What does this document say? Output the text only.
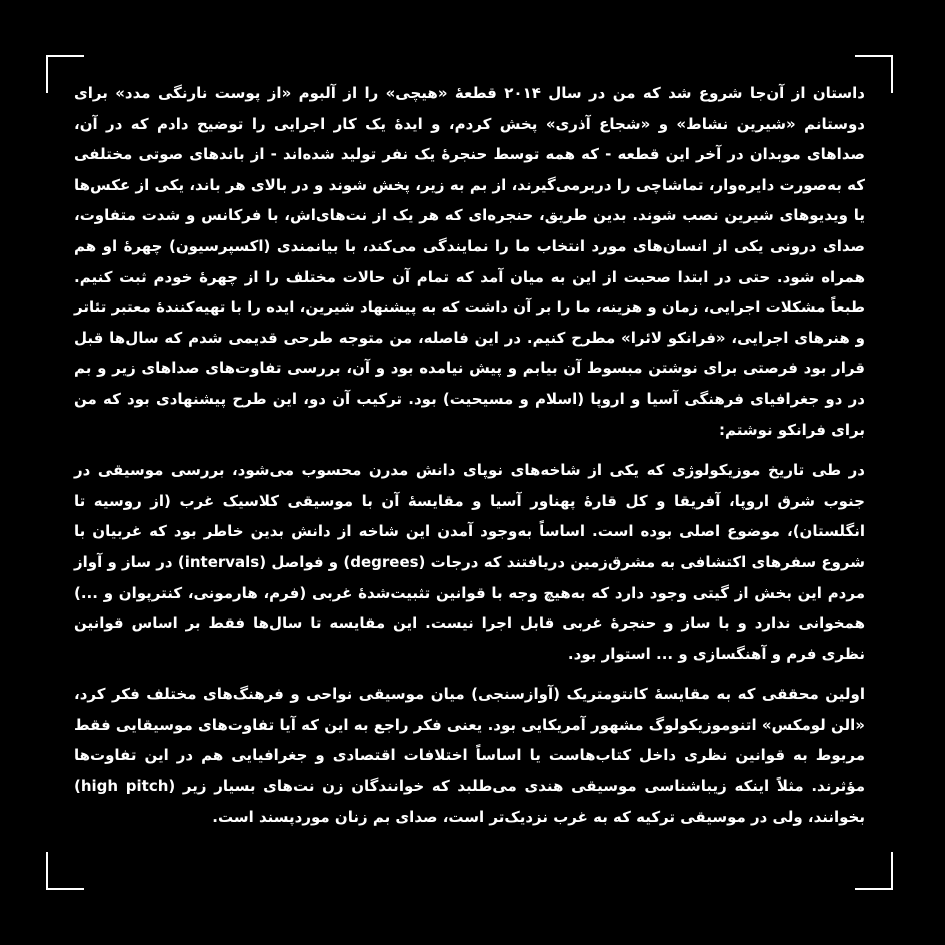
داستان از آن‌جا شروع شد که من در سال ۲۰۱۴ قطعهٔ «هیچی» را از آلبوم «از پوست نارنگی مدد» برای دوستانم «شیرین نشاط» و «شجاع آذری» پخش کردم، و ایدهٔ یک کار اجرایی را توضیح دادم که در آن، صداهای موبدان در آخر این قطعه - که همه توسط حنجرهٔ یک نفر تولید شده‌اند - از باندهای صوتی مختلفی که به‌صورت دایره‌وار، تماشاچی را دربرمی‌گیرند، از بم به زیر، پخش شوند و در بالای هر باند، یکی از عکس‌ها یا ویدیوهای شیرین نصب شوند. بدین طریق، حنجره‌ای که هر یک از نت‌های‌اش، با فرکانس و شدت متفاوت، صدای درونی یکی از انسان‌های مورد انتخاب ما را نمایندگی می‌کند، با بیانمندی (اکسپرسیون) چهرهٔ او هم همراه شود. حتی در ابتدا صحبت از این به میان آمد که تمام آن حالات مختلف را از چهرهٔ خودم ثبت کنیم. طبعاً مشکلات اجرایی، زمان و هزینه، ما را بر آن داشت که به پیشنهاد شیرین، ایده را با تهیه‌کنندهٔ معتبر تئاتر و هنرهای اجرایی، «فرانکو لائرا» مطرح کنیم. در این فاصله، من متوجه طرحی قدیمی شدم که سال‌ها قبل قرار بود فرصتی برای نوشتن مبسوط آن بیابم و پیش نیامده بود و آن، بررسی تفاوت‌های صداهای زیر و بم در دو جغرافیای فرهنگی آسیا و اروپا (اسلام و مسیحیت) بود. ترکیب آن دو، این طرح پیشنهادی بود که من برای فرانکو نوشتم:

در طی تاریخ موزیکولوژی که یکی از شاخه‌های نوپای دانش مدرن محسوب می‌شود، بررسی موسیقی در جنوب شرق اروپا، آفریقا و کل قارهٔ پهناور آسیا و مقایسهٔ آن با موسیقی کلاسیک غرب (از روسیه تا انگلستان)، موضوع اصلی بوده است. اساساً به‌وجود آمدن این شاخه از دانش بدین خاطر بود که غربیان با شروع سفرهای اکتشافی به مشرق‌زمین دریافتند که درجات (degrees) و فواصل (intervals) در ساز و آواز مردم این بخش از گیتی وجود دارد که به‌هیچ وجه با قوانین تثبیت‌شدهٔ غربی (فرم، هارمونی، کنترپوان و ...) همخوانی ندارد و با ساز و حنجرهٔ غربی قابل اجرا نیست. این مقایسه تا سال‌ها فقط بر اساس قوانین نظری فرم و آهنگسازی و ... استوار بود.

اولین محققی که به مقایسهٔ کانتومتریک (آوازسنجی) میان موسیقی نواحی و فرهنگ‌های مختلف فکر کرد، «الن لومکس» اتنوموزیکولوگ مشهور آمریکایی بود. یعنی فکر راجع به این که آیا تفاوت‌های موسیقایی فقط مربوط به قوانین نظری داخل کتاب‌هاست یا اساساً اختلافات اقتصادی و جغرافیایی هم در این تفاوت‌ها مؤثرند. مثلاً اینکه زیباشناسی موسیقی هندی می‌طلبد که خوانندگان زن نت‌های بسیار زیر (high pitch) بخوانند، ولی در موسیقی ترکیه که به غرب نزدیک‌تر است، صدای بم زنان موردپسند است.
